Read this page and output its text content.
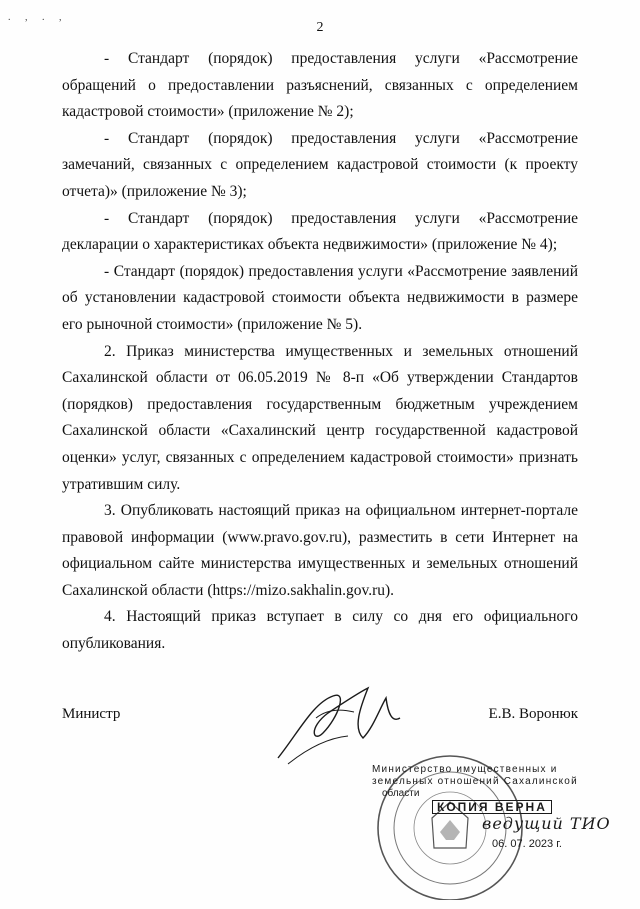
. , . ,
2

- Стандарт (порядок) предоставления услуги «Рассмотрение обращений о предоставлении разъяснений, связанных с определением кадастровой стоимости» (приложение № 2);

- Стандарт (порядок) предоставления услуги «Рассмотрение замечаний, связанных с определением кадастровой стоимости (к проекту отчета)» (приложение № 3);

- Стандарт (порядок) предоставления услуги «Рассмотрение декларации о характеристиках объекта недвижимости» (приложение № 4);

- Стандарт (порядок) предоставления услуги «Рассмотрение заявлений об установлении кадастровой стоимости объекта недвижимости в размере его рыночной стоимости» (приложение № 5).

2. Приказ министерства имущественных и земельных отношений Сахалинской области от 06.05.2019 № 8-п «Об утверждении Стандартов (порядков) предоставления государственным бюджетным учреждением Сахалинской области «Сахалинский центр государственной кадастровой оценки» услуг, связанных с определением кадастровой стоимости» признать утратившим силу.

3. Опубликовать настоящий приказ на официальном интернет-портале правовой информации (www.pravo.gov.ru), разместить в сети Интернет на официальном сайте министерства имущественных и земельных отношений Сахалинской области (https://mizo.sakhalin.gov.ru).

4. Настоящий приказ вступает в силу со дня его официального опубликования.

Министр	Е.В. Воронюк
Министерство имущественных и
земельных отношений Сахалинской
области
КОПИЯ ВЕРНА
ведущий ТИО
06. 07. 2023 г.
